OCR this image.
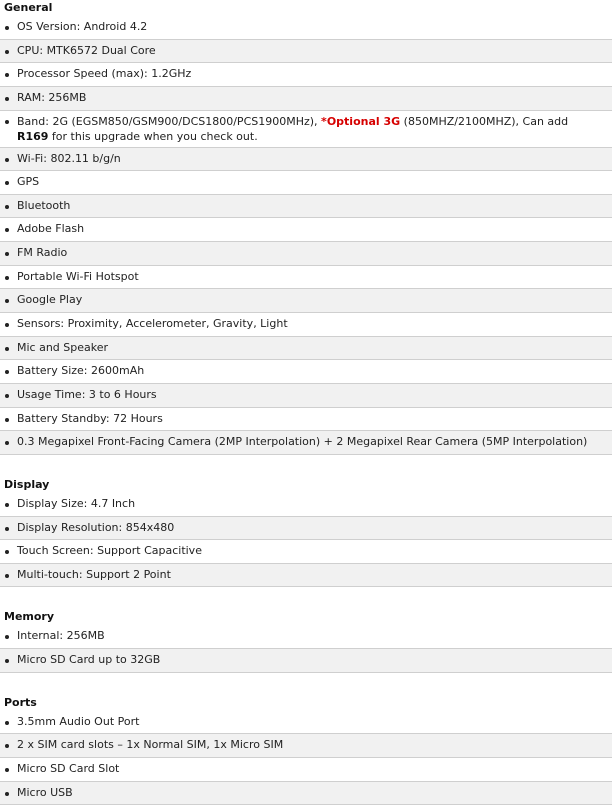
General
OS Version: Android 4.2
CPU: MTK6572 Dual Core
Processor Speed (max): 1.2GHz
RAM: 256MB
Band: 2G (EGSM850/GSM900/DCS1800/PCS1900MHz), *Optional 3G (850MHZ/2100MHZ), Can add R169 for this upgrade when you check out.
Wi-Fi: 802.11 b/g/n
GPS
Bluetooth
Adobe Flash
FM Radio
Portable Wi-Fi Hotspot
Google Play
Sensors: Proximity, Accelerometer, Gravity, Light
Mic and Speaker
Battery Size: 2600mAh
Usage Time: 3 to 6 Hours
Battery Standby: 72 Hours
0.3 Megapixel Front-Facing Camera (2MP Interpolation) + 2 Megapixel Rear Camera (5MP Interpolation)
Display
Display Size: 4.7 Inch
Display Resolution: 854x480
Touch Screen: Support Capacitive
Multi-touch: Support 2 Point
Memory
Internal: 256MB
Micro SD Card up to 32GB
Ports
3.5mm Audio Out Port
2 x SIM card slots – 1x Normal SIM, 1x Micro SIM
Micro SD Card Slot
Micro USB
